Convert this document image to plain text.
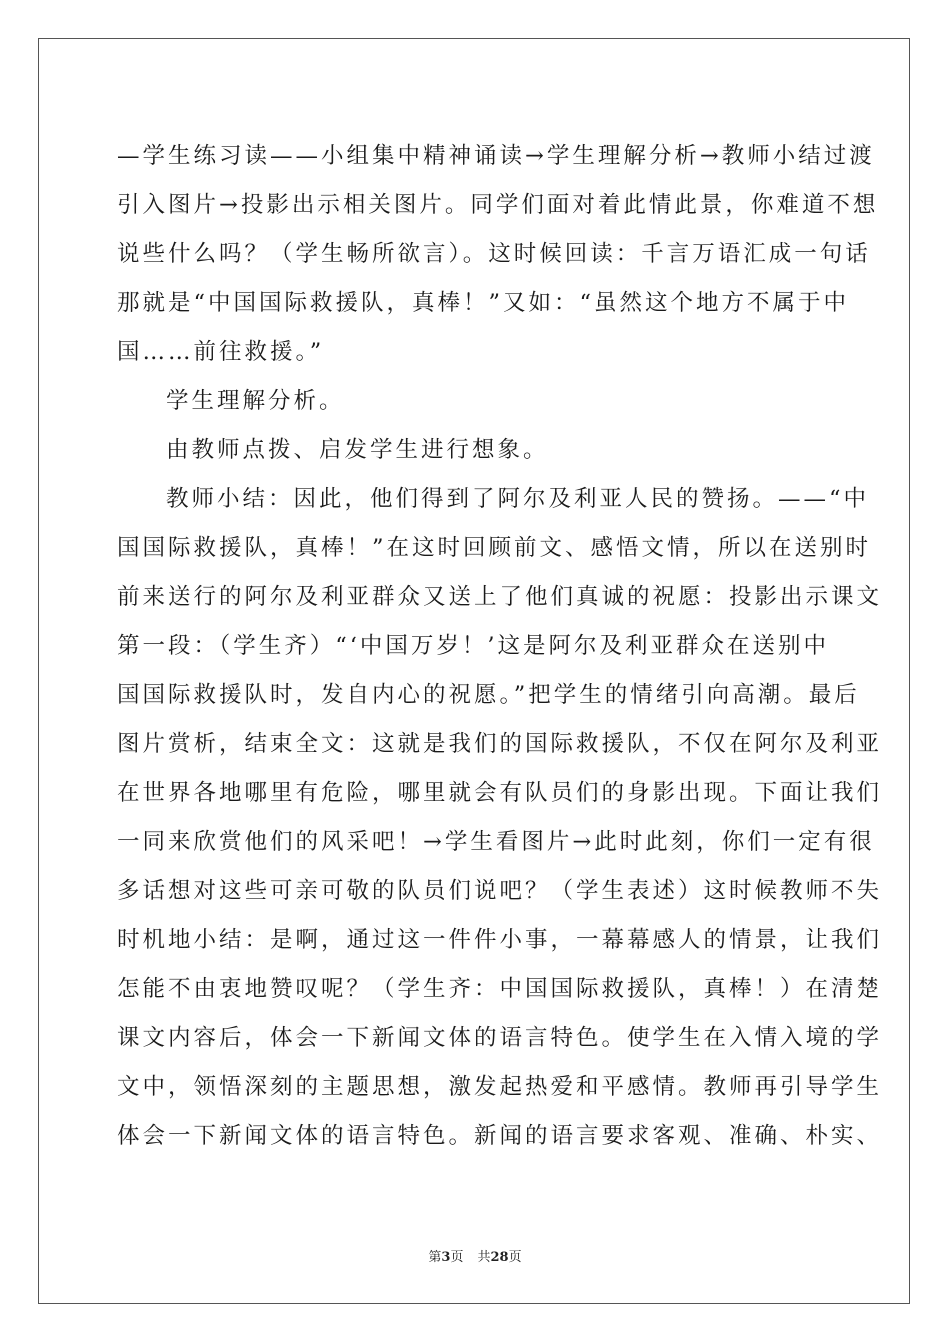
—学生练习读——小组集中精神诵读→学生理解分析→教师小结过渡
引入图片→投影出示相关图片。同学们面对着此情此景，你难道不想
说些什么吗？（学生畅所欲言）。这时候回读：千言万语汇成一句话
那就是“中国国际救援队，真棒！”又如：“虽然这个地方不属于中
国……前往救援。”
学生理解分析。
由教师点拨、启发学生进行想象。
教师小结：因此，他们得到了阿尔及利亚人民的赞扬。——“中
国国际救援队，真棒！”在这时回顾前文、感悟文情，所以在送别时
前来送行的阿尔及利亚群众又送上了他们真诚的祝愿：投影出示课文
第一段：（学生齐）“‘中国万岁！’这是阿尔及利亚群众在送别中
国国际救援队时，发自内心的祝愿。”把学生的情绪引向高潮。最后
图片赏析，结束全文：这就是我们的国际救援队，不仅在阿尔及利亚
在世界各地哪里有危险，哪里就会有队员们的身影出现。下面让我们
一同来欣赏他们的风采吧！→学生看图片→此时此刻，你们一定有很
多话想对这些可亲可敬的队员们说吧？（学生表述）这时候教师不失
时机地小结：是啊，通过这一件件小事，一幕幕感人的情景，让我们
怎能不由衷地赞叹呢？（学生齐：中国国际救援队，真棒！）在清楚
课文内容后，体会一下新闻文体的语言特色。使学生在入情入境的学
文中，领悟深刻的主题思想，激发起热爱和平感情。教师再引导学生
体会一下新闻文体的语言特色。新闻的语言要求客观、准确、朴实、
第3页 共28页
